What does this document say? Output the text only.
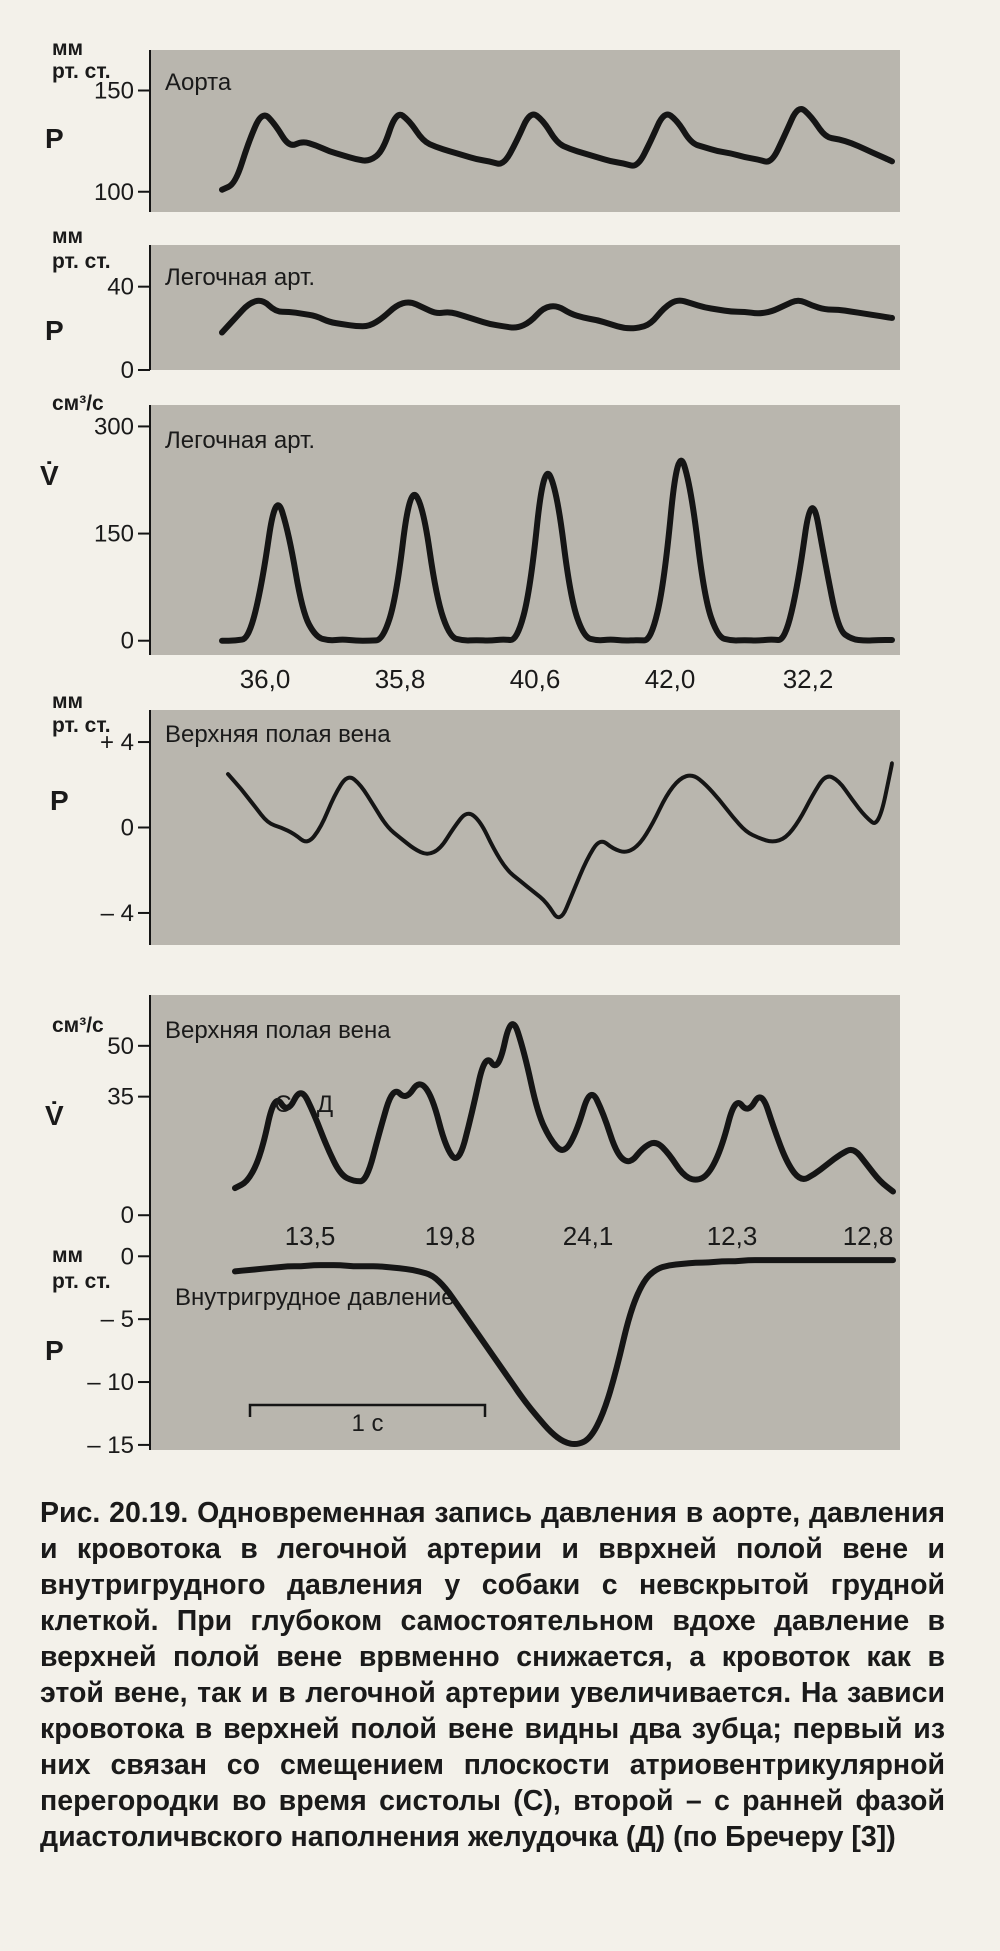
мм
рт. ст.
P
Аорта
150
100
мм
рт. ст.
P
Легочная арт.
40
0
см³/с
V̇
Легочная арт.
300
150
0
36,0	35,8	40,6	42,0	32,2
мм
рт. ст.
P
Верхняя полая вена
+ 4
0
– 4
см³/с
V̇
Верхняя полая вена
50
35
0
13,5	19,8	24,1	12,3	12,8
С Д
мм
рт. ст.
P
Внутригрудное давление
0
– 5
– 10
– 15
1 с
Рис. 20.19. Одновременная запись давления в аорте, давления и кровотока в легочной артерии и вврхней полой вене и внутригрудного давления у собаки с невскрытой грудной клеткой. При глубоком самостоятельном вдохе давление в верхней полой вене врвменно снижается, а кровоток как в этой вене, так и в легочной артерии увеличивается. На зависи кровотока в верхней полой вене видны два зубца; первый из них связан со смещением плоскости атриовентрикулярной перегородки во время систолы (С), второй – с ранней фазой диастоличвского наполнения желудочка (Д) (по Бречеру [3])
